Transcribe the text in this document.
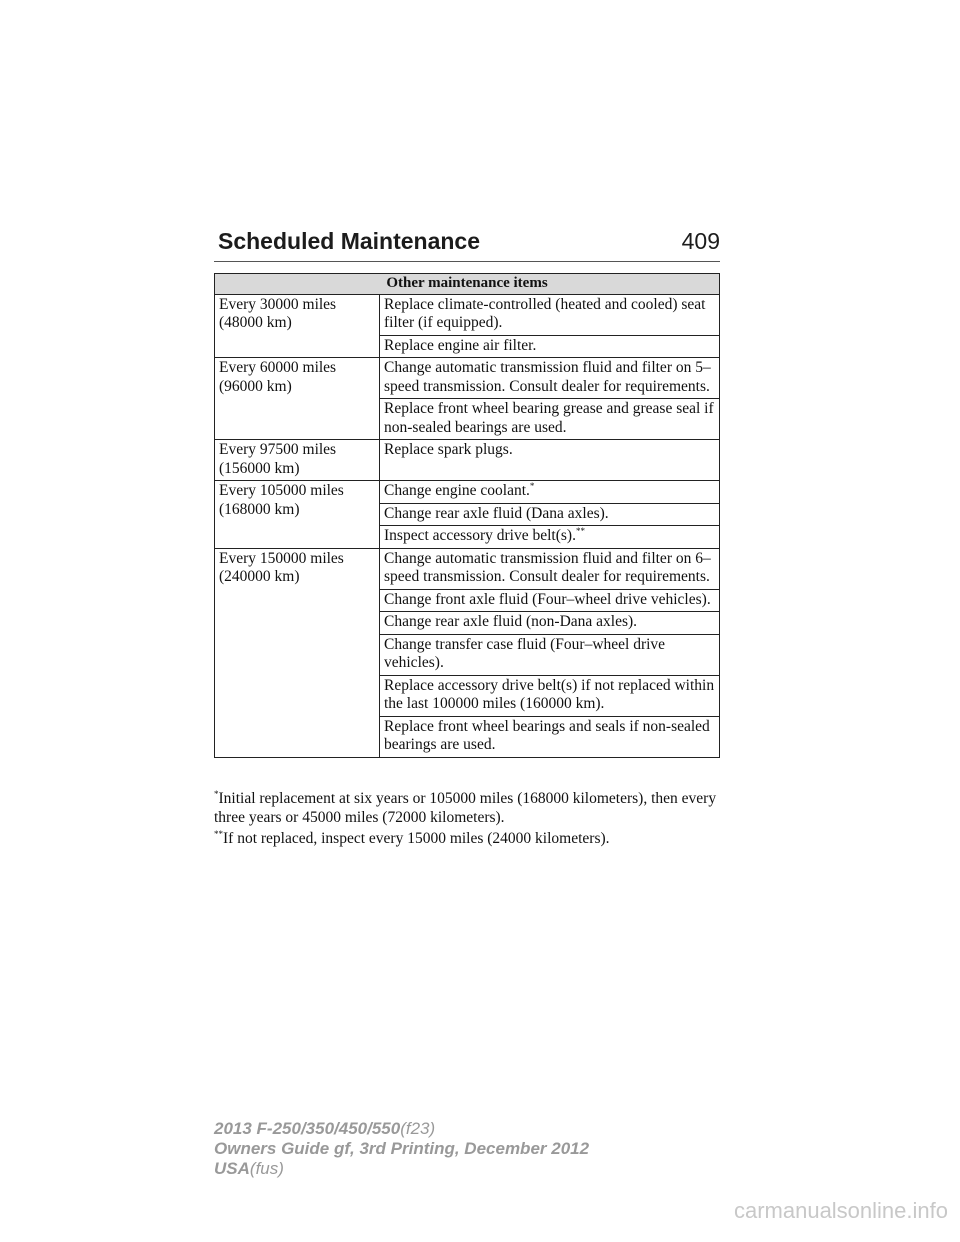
Scheduled Maintenance	409
Other maintenance items	

Every 30000 miles
(48000 km)	Replace climate-controlled (heated and cooled) seat filter (if equipped).
	Replace engine air filter.

Every 60000 miles
(96000 km)	Change automatic transmission fluid and filter on 5–speed transmission. Consult dealer for requirements.
	Replace front wheel bearing grease and grease seal if non-sealed bearings are used.

Every 97500 miles
(156000 km)	Replace spark plugs.

Every 105000 miles
(168000 km)	Change engine coolant.*
	Change rear axle fluid (Dana axles).
	Inspect accessory drive belt(s).**

Every 150000 miles
(240000 km)	Change automatic transmission fluid and filter on 6–speed transmission. Consult dealer for requirements.
	Change front axle fluid (Four–wheel drive vehicles).
	Change rear axle fluid (non-Dana axles).
	Change transfer case fluid (Four–wheel drive vehicles).
	Replace accessory drive belt(s) if not replaced within the last 100000 miles (160000 km).
	Replace front wheel bearings and seals if non-sealed bearings are used.
*Initial replacement at six years or 105000 miles (168000 kilometers), then every three years or 45000 miles (72000 kilometers).
**If not replaced, inspect every 15000 miles (24000 kilometers).
2013 F-250/350/450/550(f23)
Owners Guide gf, 3rd Printing, December 2012
USA(fus)
carmanualsonline.info
